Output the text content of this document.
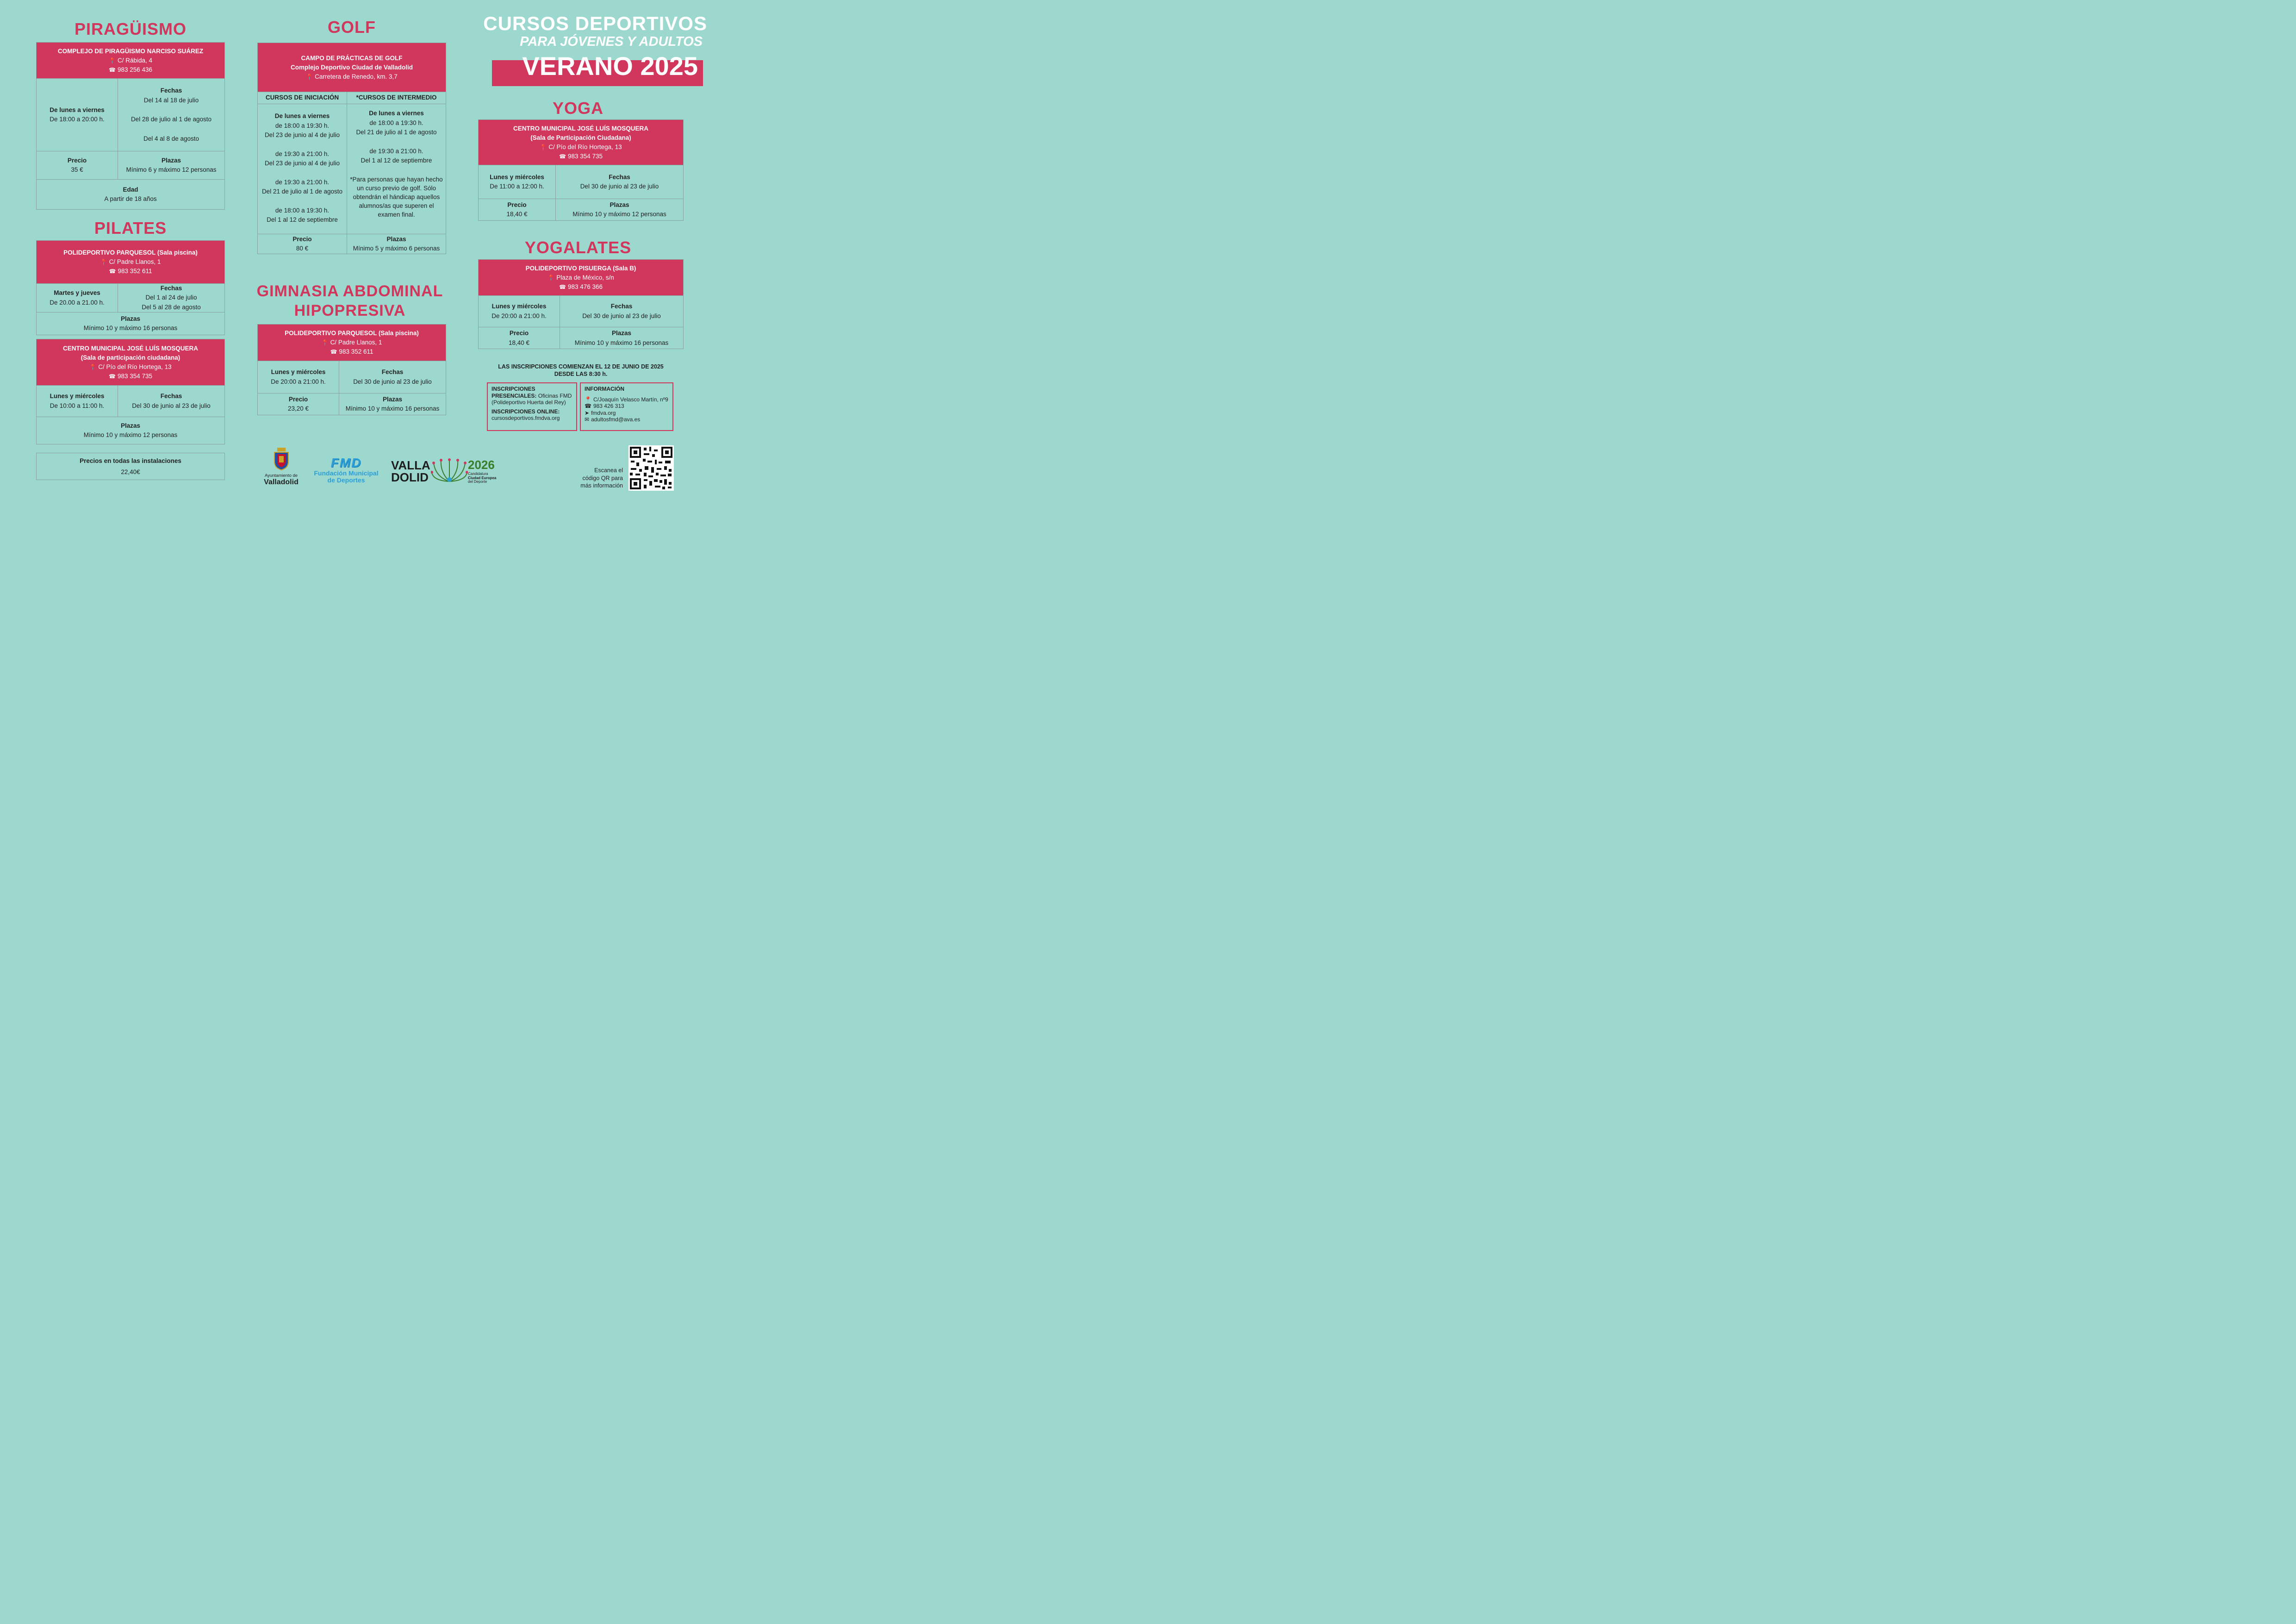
CURSOS DEPORTIVOS
PARA JÓVENES Y ADULTOS
VERANO 2025
PIRAGÜISMO
COMPLEJO DE PIRAGÜISMO NARCISO SUÁREZ
📍 C/ Rábida, 4
☎ 983 256 436
De lunes a viernes
De 18:00 a 20:00 h.
Fechas
Del 14 al 18 de julio
Del 28 de julio al 1 de agosto
Del 4 al 8 de agosto
Precio
35 €
Plazas
Mínimo 6 y máximo 12 personas
Edad
A partir de 18 años
PILATES
POLIDEPORTIVO PARQUESOL (Sala piscina)
📍 C/ Padre Llanos, 1
☎ 983 352 611
Martes y jueves
De 20.00 a 21.00 h.
Fechas
Del 1 al 24 de julio
Del 5 al 28 de agosto
Plazas
Mínimo 10 y máximo 16 personas
CENTRO MUNICIPAL JOSÉ LUÍS MOSQUERA
(Sala de participación ciudadana)
📍 C/ Pío del Río Hortega, 13
☎ 983 354 735
Lunes y miércoles
De 10:00 a 11:00 h.
Fechas
Del 30 de junio al 23 de julio
Plazas
Mínimo 10 y máximo 12 personas
Precios en todas las instalaciones
22,40€
GOLF
CAMPO DE PRÁCTICAS DE GOLF
Complejo Deportivo Ciudad de Valladolid
📍 Carretera de Renedo, km. 3,7
CURSOS DE INICIACIÓN	*CURSOS DE INTERMEDIO
De lunes a viernes
de 18:00 a 19:30 h.
Del 23 de junio al 4 de julio
de 19:30 a 21:00 h.
Del 23 de junio al 4 de julio
de 19:30 a 21:00 h.
Del 21 de julio al 1 de agosto
de 18:00 a 19:30 h.
Del 1 al 12 de septiembre
De lunes a viernes
de 18:00 a 19:30 h.
Del 21 de julio al 1 de agosto
de 19:30 a 21:00 h.
Del 1 al 12 de septiembre
*Para personas que hayan hecho
un curso previo de golf. Sólo
obtendrán el hándicap aquellos
alumnos/as que superen el
examen final.
Precio
80 €
Plazas
Mínimo 5 y máximo 6 personas
GIMNASIA ABDOMINAL
HIPOPRESIVA
POLIDEPORTIVO PARQUESOL (Sala piscina)
📍 C/ Padre Llanos, 1
☎ 983 352 611
Lunes y miércoles
De 20:00 a 21:00 h.
Fechas
Del 30 de junio al 23 de julio
Precio
23,20 €
Plazas
Mínimo 10 y máximo 16 personas
YOGA
CENTRO MUNICIPAL JOSÉ LUÍS MOSQUERA
(Sala de Participación Ciudadana)
📍 C/ Pío del Río Hortega, 13
☎ 983 354 735
Lunes y miércoles
De 11:00 a 12:00 h.
Fechas
Del 30 de junio al 23 de julio
Precio
18,40 €
Plazas
Mínimo 10 y máximo 12 personas
YOGALATES
POLIDEPORTIVO PISUERGA (Sala B)
📍 Plaza de México, s/n
☎ 983 476 366
Lunes y miércoles
De 20:00 a 21:00 h.
Fechas
Del 30 de junio al 23 de julio
Precio
18,40 €
Plazas
Mínimo 10 y máximo 16 personas
LAS INSCRIPCIONES COMIENZAN EL 12 DE JUNIO DE 2025
DESDE LAS 8:30 h.
INSCRIPCIONES
PRESENCIALES: Oficinas FMD
(Polideportivo Huerta del Rey)
INSCRIPCIONES ONLINE:
cursosdeportivos.fmdva.org
INFORMACIÓN
📍 C/Joaquín Velasco Martín, nº9
☎ 983 426 313
➤ fmdva.org
✉ adultosfmd@ava.es
Ayuntamiento de
Valladolid
FMD
Fundación Municipal
de Deportes
VALLA
DOLID
2026
Candidatura
Ciudad Europea
del Deporte
Escanea el
código QR para
más información
